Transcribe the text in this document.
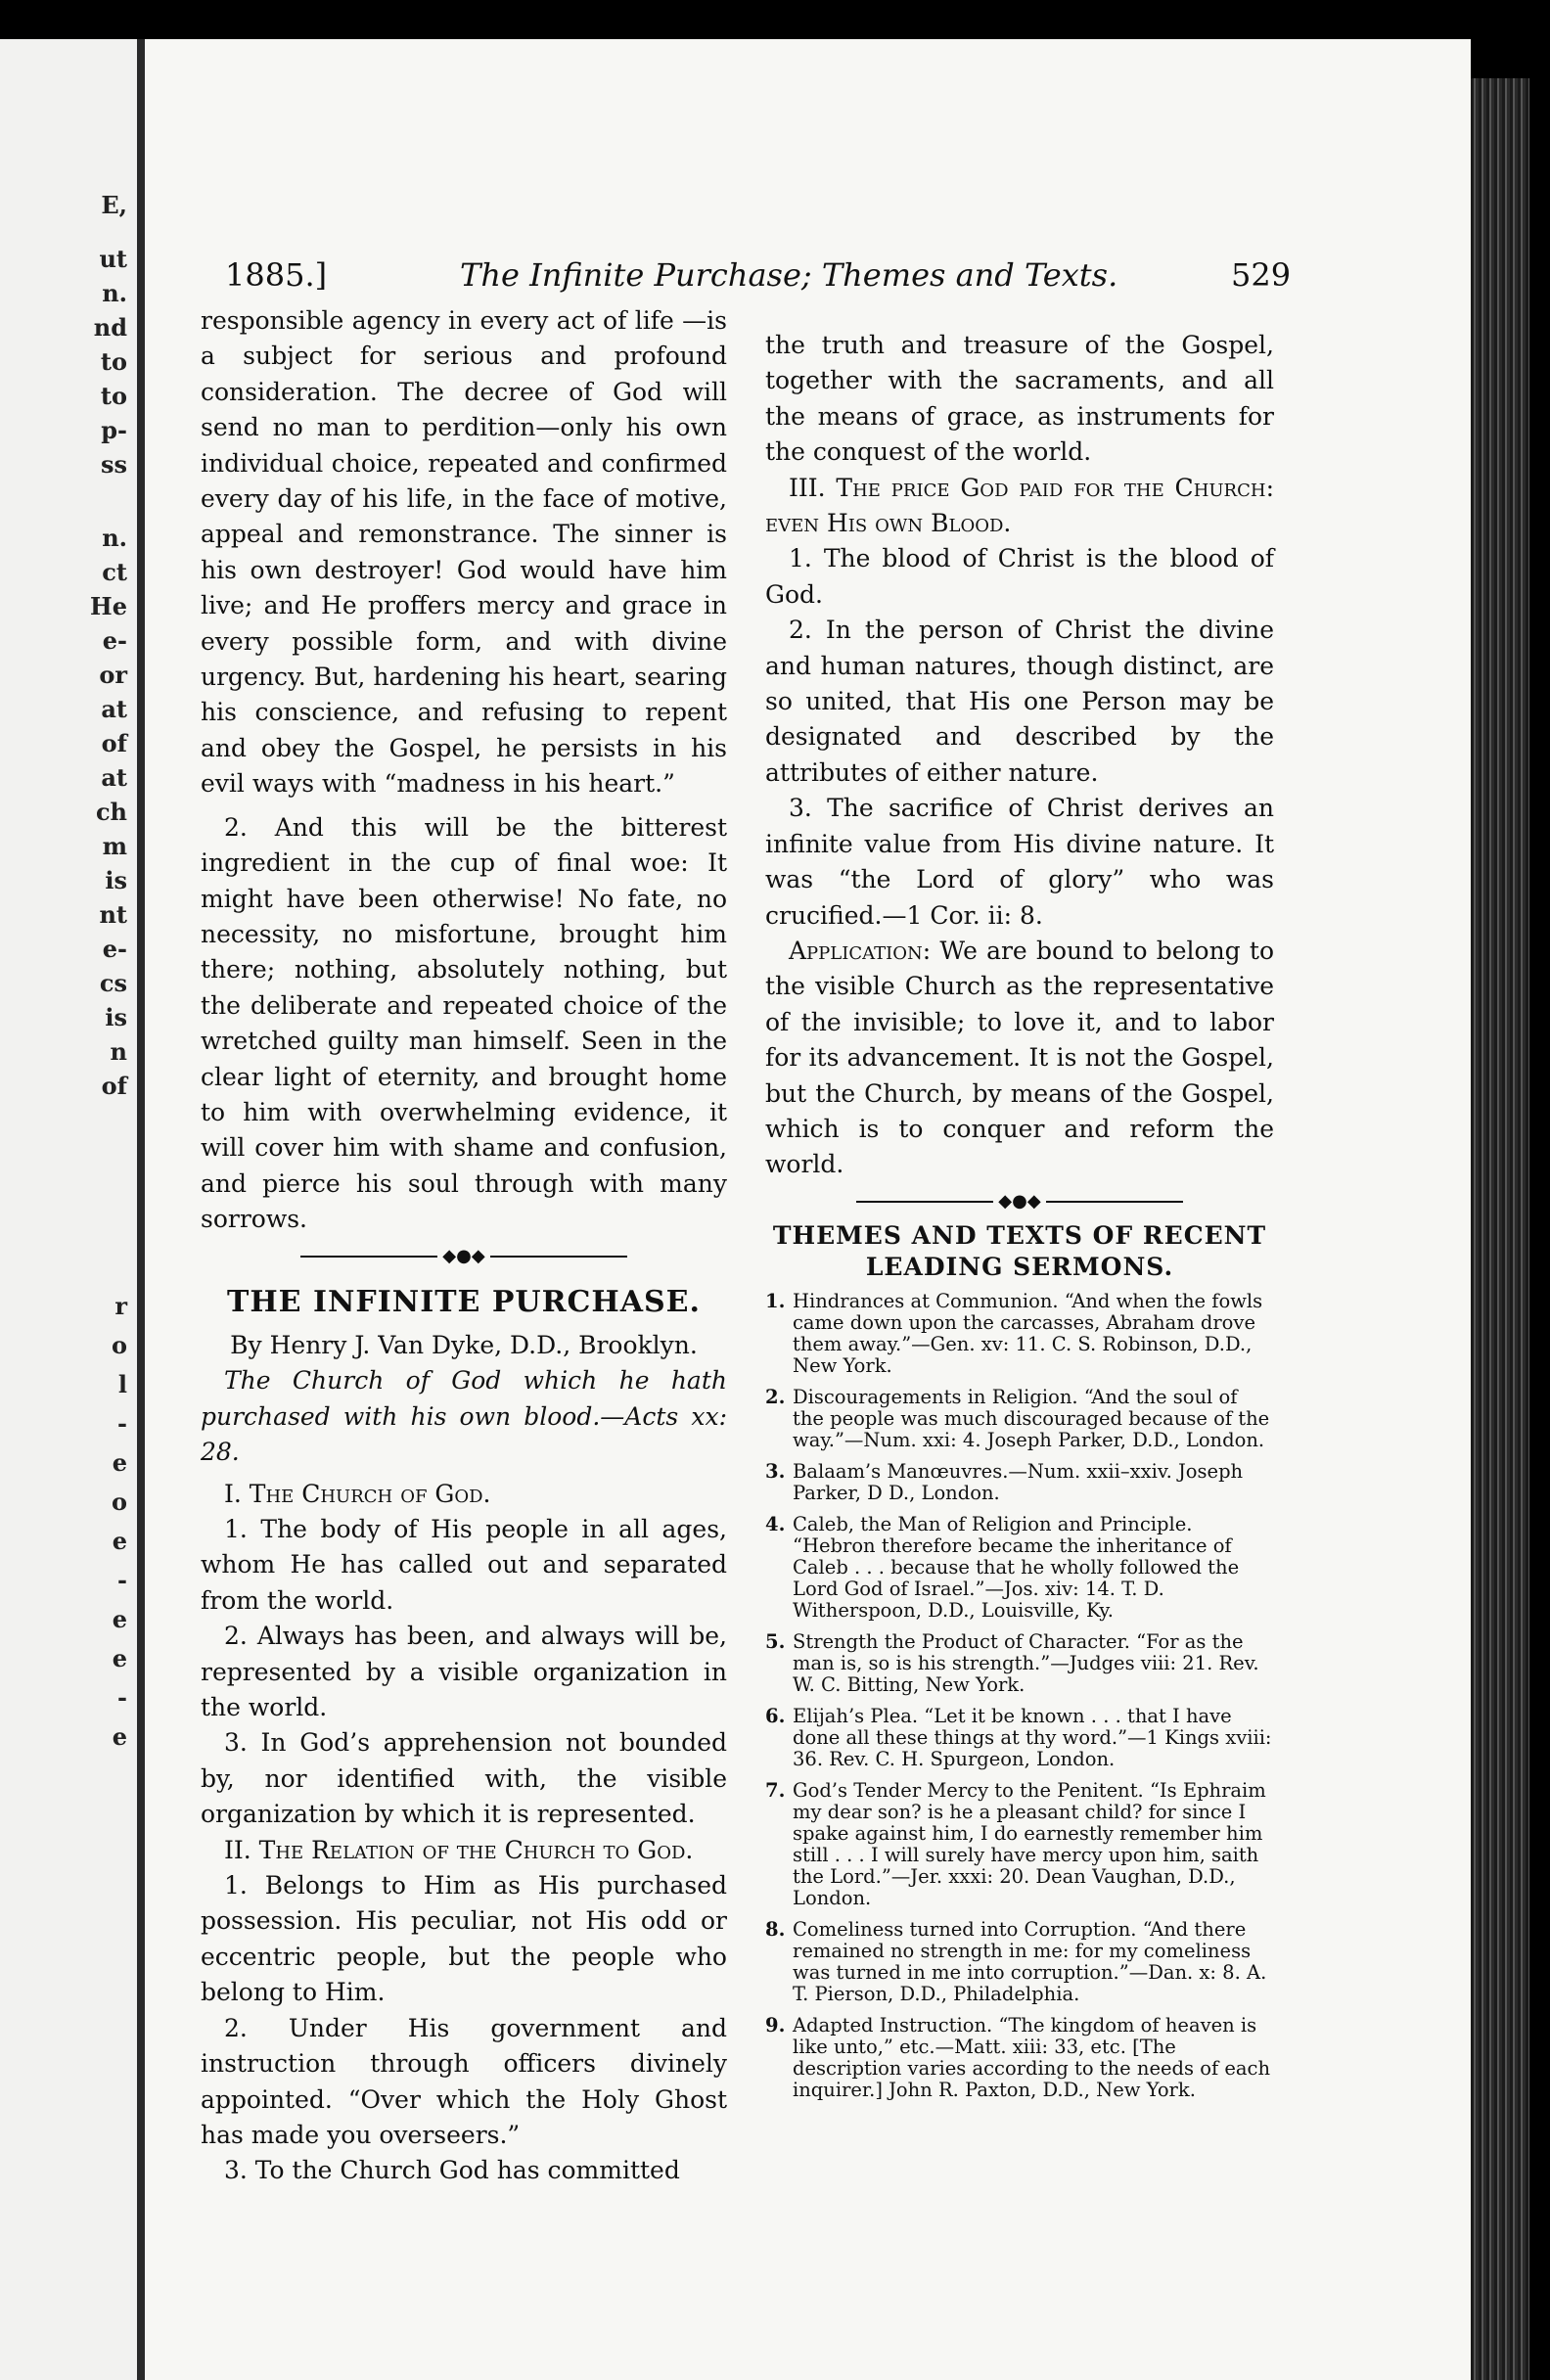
E,
ut
n.
nd
to
to
p-
ss
n.
ct
He
e-
or
at
of
at
ch
m
is
nt
e-
cs
is
n
of
r
o
l
-
e
o
e
-
e
e
-
e
1885.]	The Infinite Purchase; Themes and Texts.	529

responsible agency in every act of life —is a subject for serious and profound consideration. The decree of God will send no man to perdition—only his own individual choice, repeated and confirmed every day of his life, in the face of motive, appeal and remonstrance. The sinner is his own destroyer! God would have him live; and He proffers mercy and grace in every possible form, and with divine urgency. But, hardening his heart, searing his conscience, and refusing to repent and obey the Gospel, he persists in his evil ways with “madness in his heart.”

2. And this will be the bitterest ingredient in the cup of final woe: It might have been otherwise! No fate, no necessity, no misfortune, brought him there; nothing, absolutely nothing, but the deliberate and repeated choice of the wretched guilty man himself. Seen in the clear light of eternity, and brought home to him with overwhelming evidence, it will cover him with shame and confusion, and pierce his soul through with many sorrows.

◆●◆
THE INFINITE PURCHASE.
By Henry J. Van Dyke, D.D., Brooklyn.

The Church of God which he hath purchased with his own blood.—Acts xx: 28.

I. The Church of God.

1. The body of His people in all ages, whom He has called out and separated from the world.

2. Always has been, and always will be, represented by a visible organization in the world.

3. In God’s apprehension not bounded by, nor identified with, the visible organization by which it is represented.

II. The Relation of the Church to God.

1. Belongs to Him as His purchased possession. His peculiar, not His odd or eccentric people, but the people who belong to Him.

2. Under His government and instruction through officers divinely appointed. “Over which the Holy Ghost has made you overseers.”

3. To the Church God has committed

the truth and treasure of the Gospel, together with the sacraments, and all the means of grace, as instruments for the conquest of the world.

III. The price God paid for the Church: even His own Blood.

1. The blood of Christ is the blood of God.

2. In the person of Christ the divine and human natures, though distinct, are so united, that His one Person may be designated and described by the attributes of either nature.

3. The sacrifice of Christ derives an infinite value from His divine nature. It was “the Lord of glory” who was crucified.—1 Cor. ii: 8.

Application: We are bound to belong to the visible Church as the representative of the invisible; to love it, and to labor for its advancement. It is not the Gospel, but the Church, by means of the Gospel, which is to conquer and reform the world.

◆●◆
THEMES AND TEXTS OF RECENT
LEADING SERMONS.
1. Hindrances at Communion. “And when the fowls came down upon the carcasses, Abraham drove them away.”—Gen. xv: 11. C. S. Robinson, D.D., New York.
2. Discouragements in Religion. “And the soul of the people was much discouraged because of the way.”—Num. xxi: 4. Joseph Parker, D.D., London.
3. Balaam’s Manœuvres.—Num. xxii–xxiv. Joseph Parker, D D., London.
4. Caleb, the Man of Religion and Principle. “Hebron therefore became the inheritance of Caleb . . . because that he wholly followed the Lord God of Israel.”—Jos. xiv: 14. T. D. Witherspoon, D.D., Louisville, Ky.
5. Strength the Product of Character. “For as the man is, so is his strength.”—Judges viii: 21. Rev. W. C. Bitting, New York.
6. Elijah’s Plea. “Let it be known . . . that I have done all these things at thy word.”—1 Kings xviii: 36. Rev. C. H. Spurgeon, London.
7. God’s Tender Mercy to the Penitent. “Is Ephraim my dear son? is he a pleasant child? for since I spake against him, I do earnestly remember him still . . . I will surely have mercy upon him, saith the Lord.”—Jer. xxxi: 20. Dean Vaughan, D.D., London.
8. Comeliness turned into Corruption. “And there remained no strength in me: for my comeliness was turned in me into corruption.”—Dan. x: 8. A. T. Pierson, D.D., Philadelphia.
9. Adapted Instruction. “The kingdom of heaven is like unto,” etc.—Matt. xiii: 33, etc. [The description varies according to the needs of each inquirer.] John R. Paxton, D.D., New York.
